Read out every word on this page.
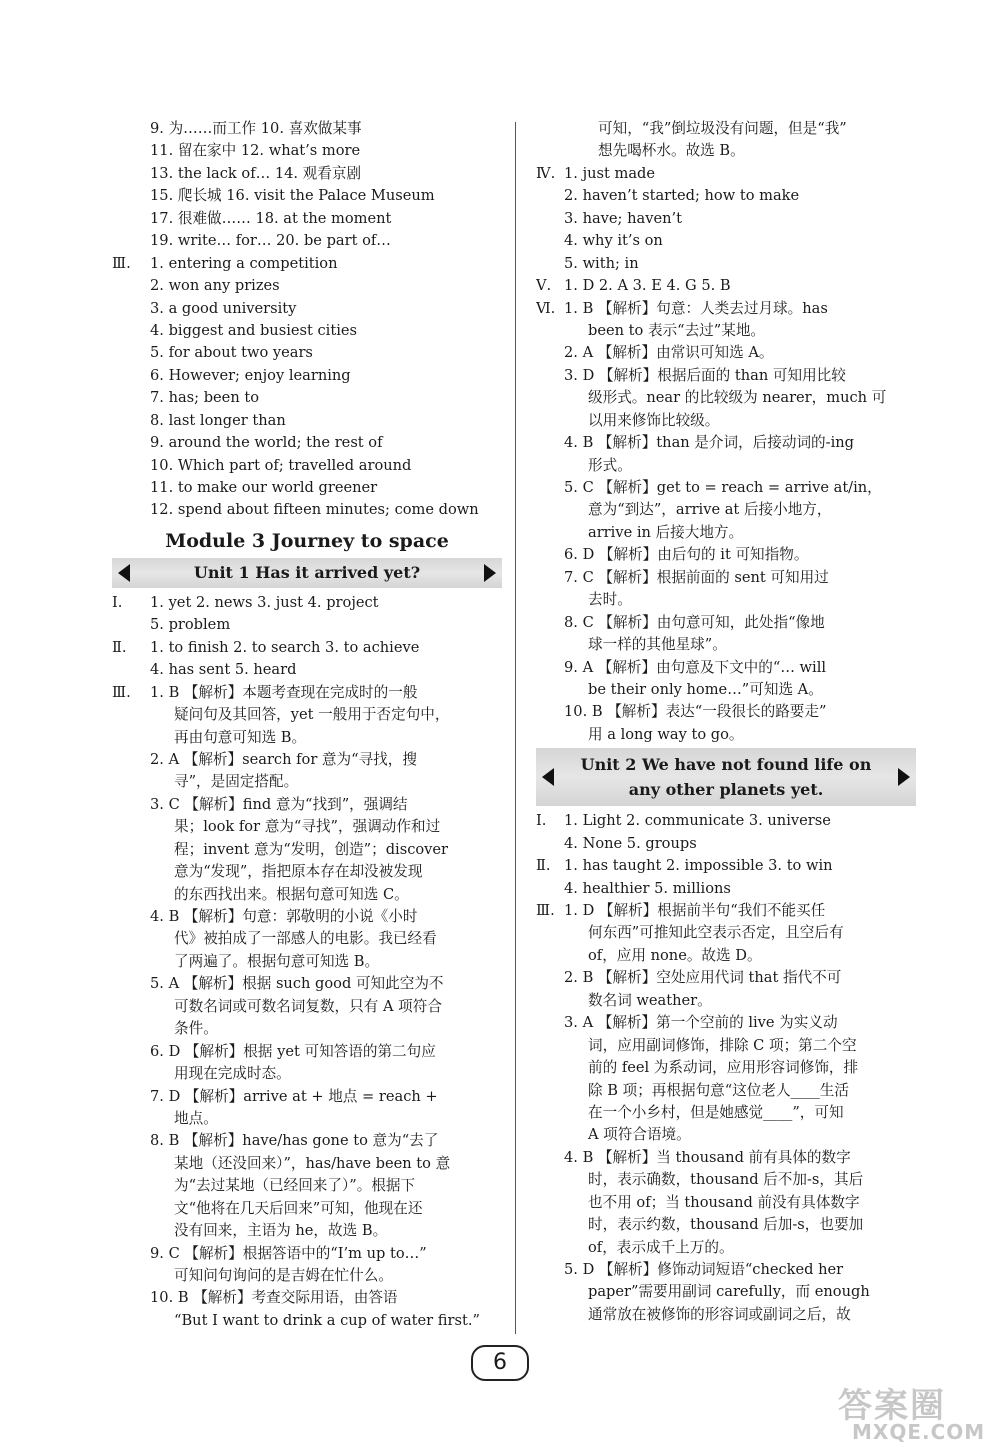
9. 为……而工作 10. 喜欢做某事
11. 留在家中 12. what’s more
13. the lack of… 14. 观看京剧
15. 爬长城 16. visit the Palace Museum
17. 很难做…… 18. at the moment
19. write… for… 20. be part of…
Ⅲ. 1. entering a competition
2. won any prizes
3. a good university
4. biggest and busiest cities
5. for about two years
6. However; enjoy learning
7. has; been to
8. last longer than
9. around the world; the rest of
10. Which part of; travelled around
11. to make our world greener
12. spend about fifteen minutes; come down
Module 3 Journey to space
Unit 1 Has it arrived yet?
Ⅰ. 1. yet 2. news 3. just 4. project
5. problem
Ⅱ. 1. to finish 2. to search 3. to achieve
4. has sent 5. heard
Ⅲ. 1. B 【解析】本题考查现在完成时的一般
疑问句及其回答，yet 一般用于否定句中，
再由句意可知选 B。
2. A 【解析】search for 意为“寻找，搜
寻”，是固定搭配。
3. C 【解析】find 意为“找到”，强调结
果；look for 意为“寻找”，强调动作和过
程；invent 意为“发明，创造”；discover
意为“发现”，指把原本存在却没被发现
的东西找出来。根据句意可知选 C。
4. B 【解析】句意：郭敬明的小说《小时
代》被拍成了一部感人的电影。我已经看
了两遍了。根据句意可知选 B。
5. A 【解析】根据 such good 可知此空为不
可数名词或可数名词复数，只有 A 项符合
条件。
6. D 【解析】根据 yet 可知答语的第二句应
用现在完成时态。
7. D 【解析】arrive at + 地点 = reach +
地点。
8. B 【解析】have/has gone to 意为“去了
某地（还没回来）”，has/have been to 意
为“去过某地（已经回来了）”。根据下
文“他将在几天后回来”可知，他现在还
没有回来，主语为 he，故选 B。
9. C 【解析】根据答语中的“I’m up to…”
可知问句询问的是吉姆在忙什么。
10. B 【解析】考查交际用语，由答语
“But I want to drink a cup of water first.”
可知，“我”倒垃圾没有问题，但是“我”
想先喝杯水。故选 B。
Ⅳ. 1. just made
2. haven’t started; how to make
3. have; haven’t
4. why it’s on
5. with; in
Ⅴ. 1. D 2. A 3. E 4. G 5. B
Ⅵ. 1. B 【解析】句意：人类去过月球。has
been to 表示“去过”某地。
2. A 【解析】由常识可知选 A。
3. D 【解析】根据后面的 than 可知用比较
级形式。near 的比较级为 nearer，much 可
以用来修饰比较级。
4. B 【解析】than 是介词，后接动词的-ing
形式。
5. C 【解析】get to = reach = arrive at/in，
意为“到达”，arrive at 后接小地方，
arrive in 后接大地方。
6. D 【解析】由后句的 it 可知指物。
7. C 【解析】根据前面的 sent 可知用过
去时。
8. C 【解析】由句意可知，此处指“像地
球一样的其他星球”。
9. A 【解析】由句意及下文中的“… will
be their only home…”可知选 A。
10. B 【解析】表达“一段很长的路要走”
用 a long way to go。
Unit 2 We have not found life on
any other planets yet.
Ⅰ. 1. Light 2. communicate 3. universe
4. None 5. groups
Ⅱ. 1. has taught 2. impossible 3. to win
4. healthier 5. millions
Ⅲ. 1. D 【解析】根据前半句“我们不能买任
何东西”可推知此空表示否定，且空后有
of，应用 none。故选 D。
2. B 【解析】空处应用代词 that 指代不可
数名词 weather。
3. A 【解析】第一个空前的 live 为实义动
词，应用副词修饰，排除 C 项；第二个空
前的 feel 为系动词，应用形容词修饰，排
除 B 项；再根据句意“这位老人____生活
在一个小乡村，但是她感觉____”，可知
A 项符合语境。
4. B 【解析】当 thousand 前有具体的数字
时，表示确数，thousand 后不加-s，其后
也不用 of；当 thousand 前没有具体数字
时，表示约数，thousand 后加-s，也要加
of，表示成千上万的。
5. D 【解析】修饰动词短语“checked her
paper”需要用副词 carefully，而 enough
通常放在被修饰的形容词或副词之后，故
6
答案圈
MXQE.COM
